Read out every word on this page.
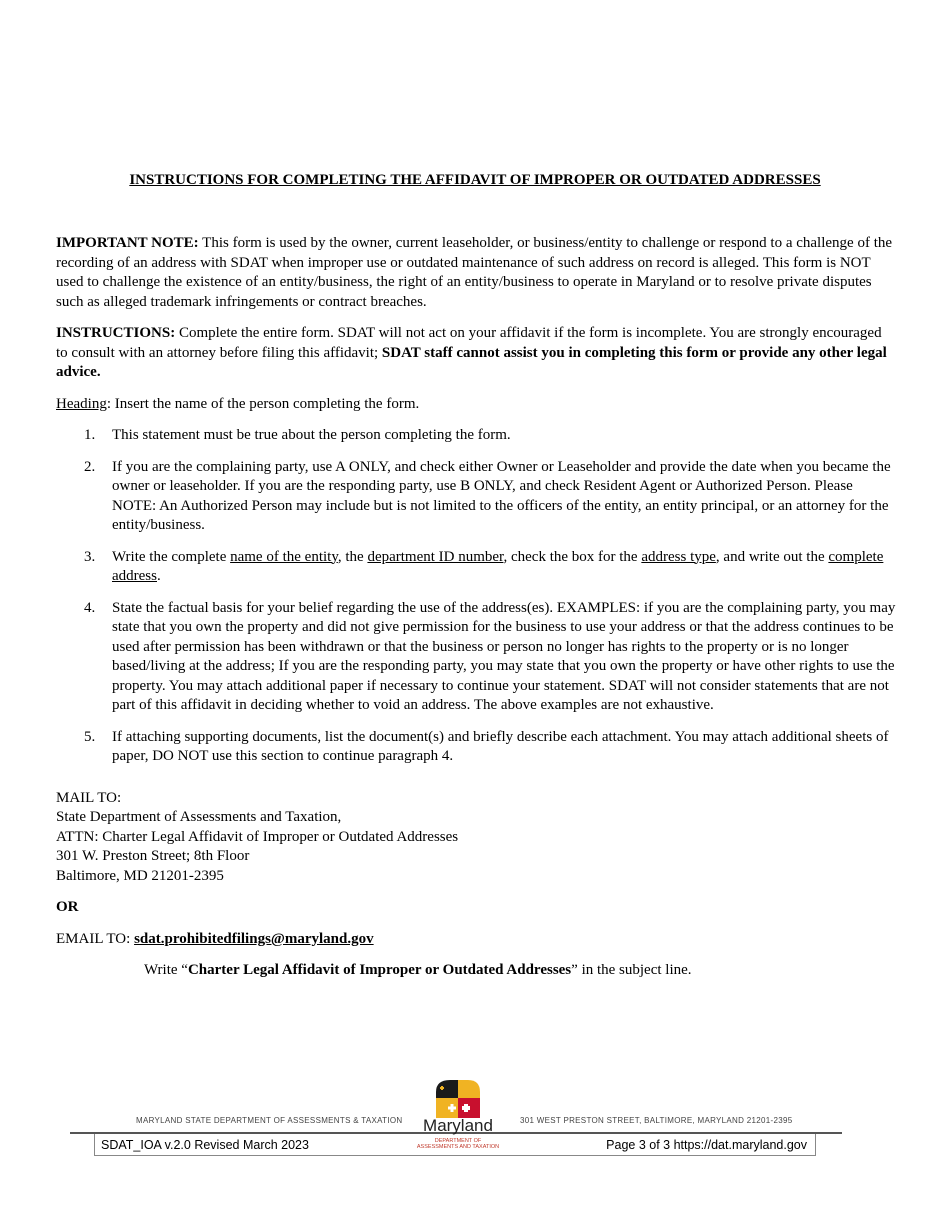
INSTRUCTIONS FOR COMPLETING THE AFFIDAVIT OF IMPROPER OR OUTDATED ADDRESSES

IMPORTANT NOTE: This form is used by the owner, current leaseholder, or business/entity to challenge or respond to a challenge of the recording of an address with SDAT when improper use or outdated maintenance of such address on record is alleged. This form is NOT used to challenge the existence of an entity/business, the right of an entity/business to operate in Maryland or to resolve private disputes such as alleged trademark infringements or contract breaches.

INSTRUCTIONS: Complete the entire form. SDAT will not act on your affidavit if the form is incomplete. You are strongly encouraged to consult with an attorney before filing this affidavit; SDAT staff cannot assist you in completing this form or provide any other legal advice.

Heading: Insert the name of the person completing the form.

1. This statement must be true about the person completing the form.
2. If you are the complaining party, use A ONLY, and check either Owner or Leaseholder and provide the date when you became the owner or leaseholder. If you are the responding party, use B ONLY, and check Resident Agent or Authorized Person. Please NOTE: An Authorized Person may include but is not limited to the officers of the entity, an entity principal, or an attorney for the entity/business.
3. Write the complete name of the entity, the department ID number, check the box for the address type, and write out the complete address.
4. State the factual basis for your belief regarding the use of the address(es). EXAMPLES: if you are the complaining party, you may state that you own the property and did not give permission for the business to use your address or that the address continues to be used after permission has been withdrawn or that the business or person no longer has rights to the property or is no longer based/living at the address; If you are the responding party, you may state that you own the property or have other rights to use the property. You may attach additional paper if necessary to continue your statement. SDAT will not consider statements that are not part of this affidavit in deciding whether to void an address. The above examples are not exhaustive.
5. If attaching supporting documents, list the document(s) and briefly describe each attachment. You may attach additional sheets of paper, DO NOT use this section to continue paragraph 4.
MAIL TO:
State Department of Assessments and Taxation,
ATTN: Charter Legal Affidavit of Improper or Outdated Addresses
301 W. Preston Street; 8th Floor
Baltimore, MD 21201-2395
OR
EMAIL TO: sdat.prohibitedfilings@maryland.gov
Write “Charter Legal Affidavit of Improper or Outdated Addresses” in the subject line.
MARYLAND STATE DEPARTMENT OF ASSESSMENTS & TAXATION	301 WEST PRESTON STREET, BALTIMORE, MARYLAND 21201-2395
Maryland
DEPARTMENT OF
ASSESSMENTS AND TAXATION
SDAT_IOA v.2.0 Revised March 2023	Page 3 of 3 https://dat.maryland.gov
